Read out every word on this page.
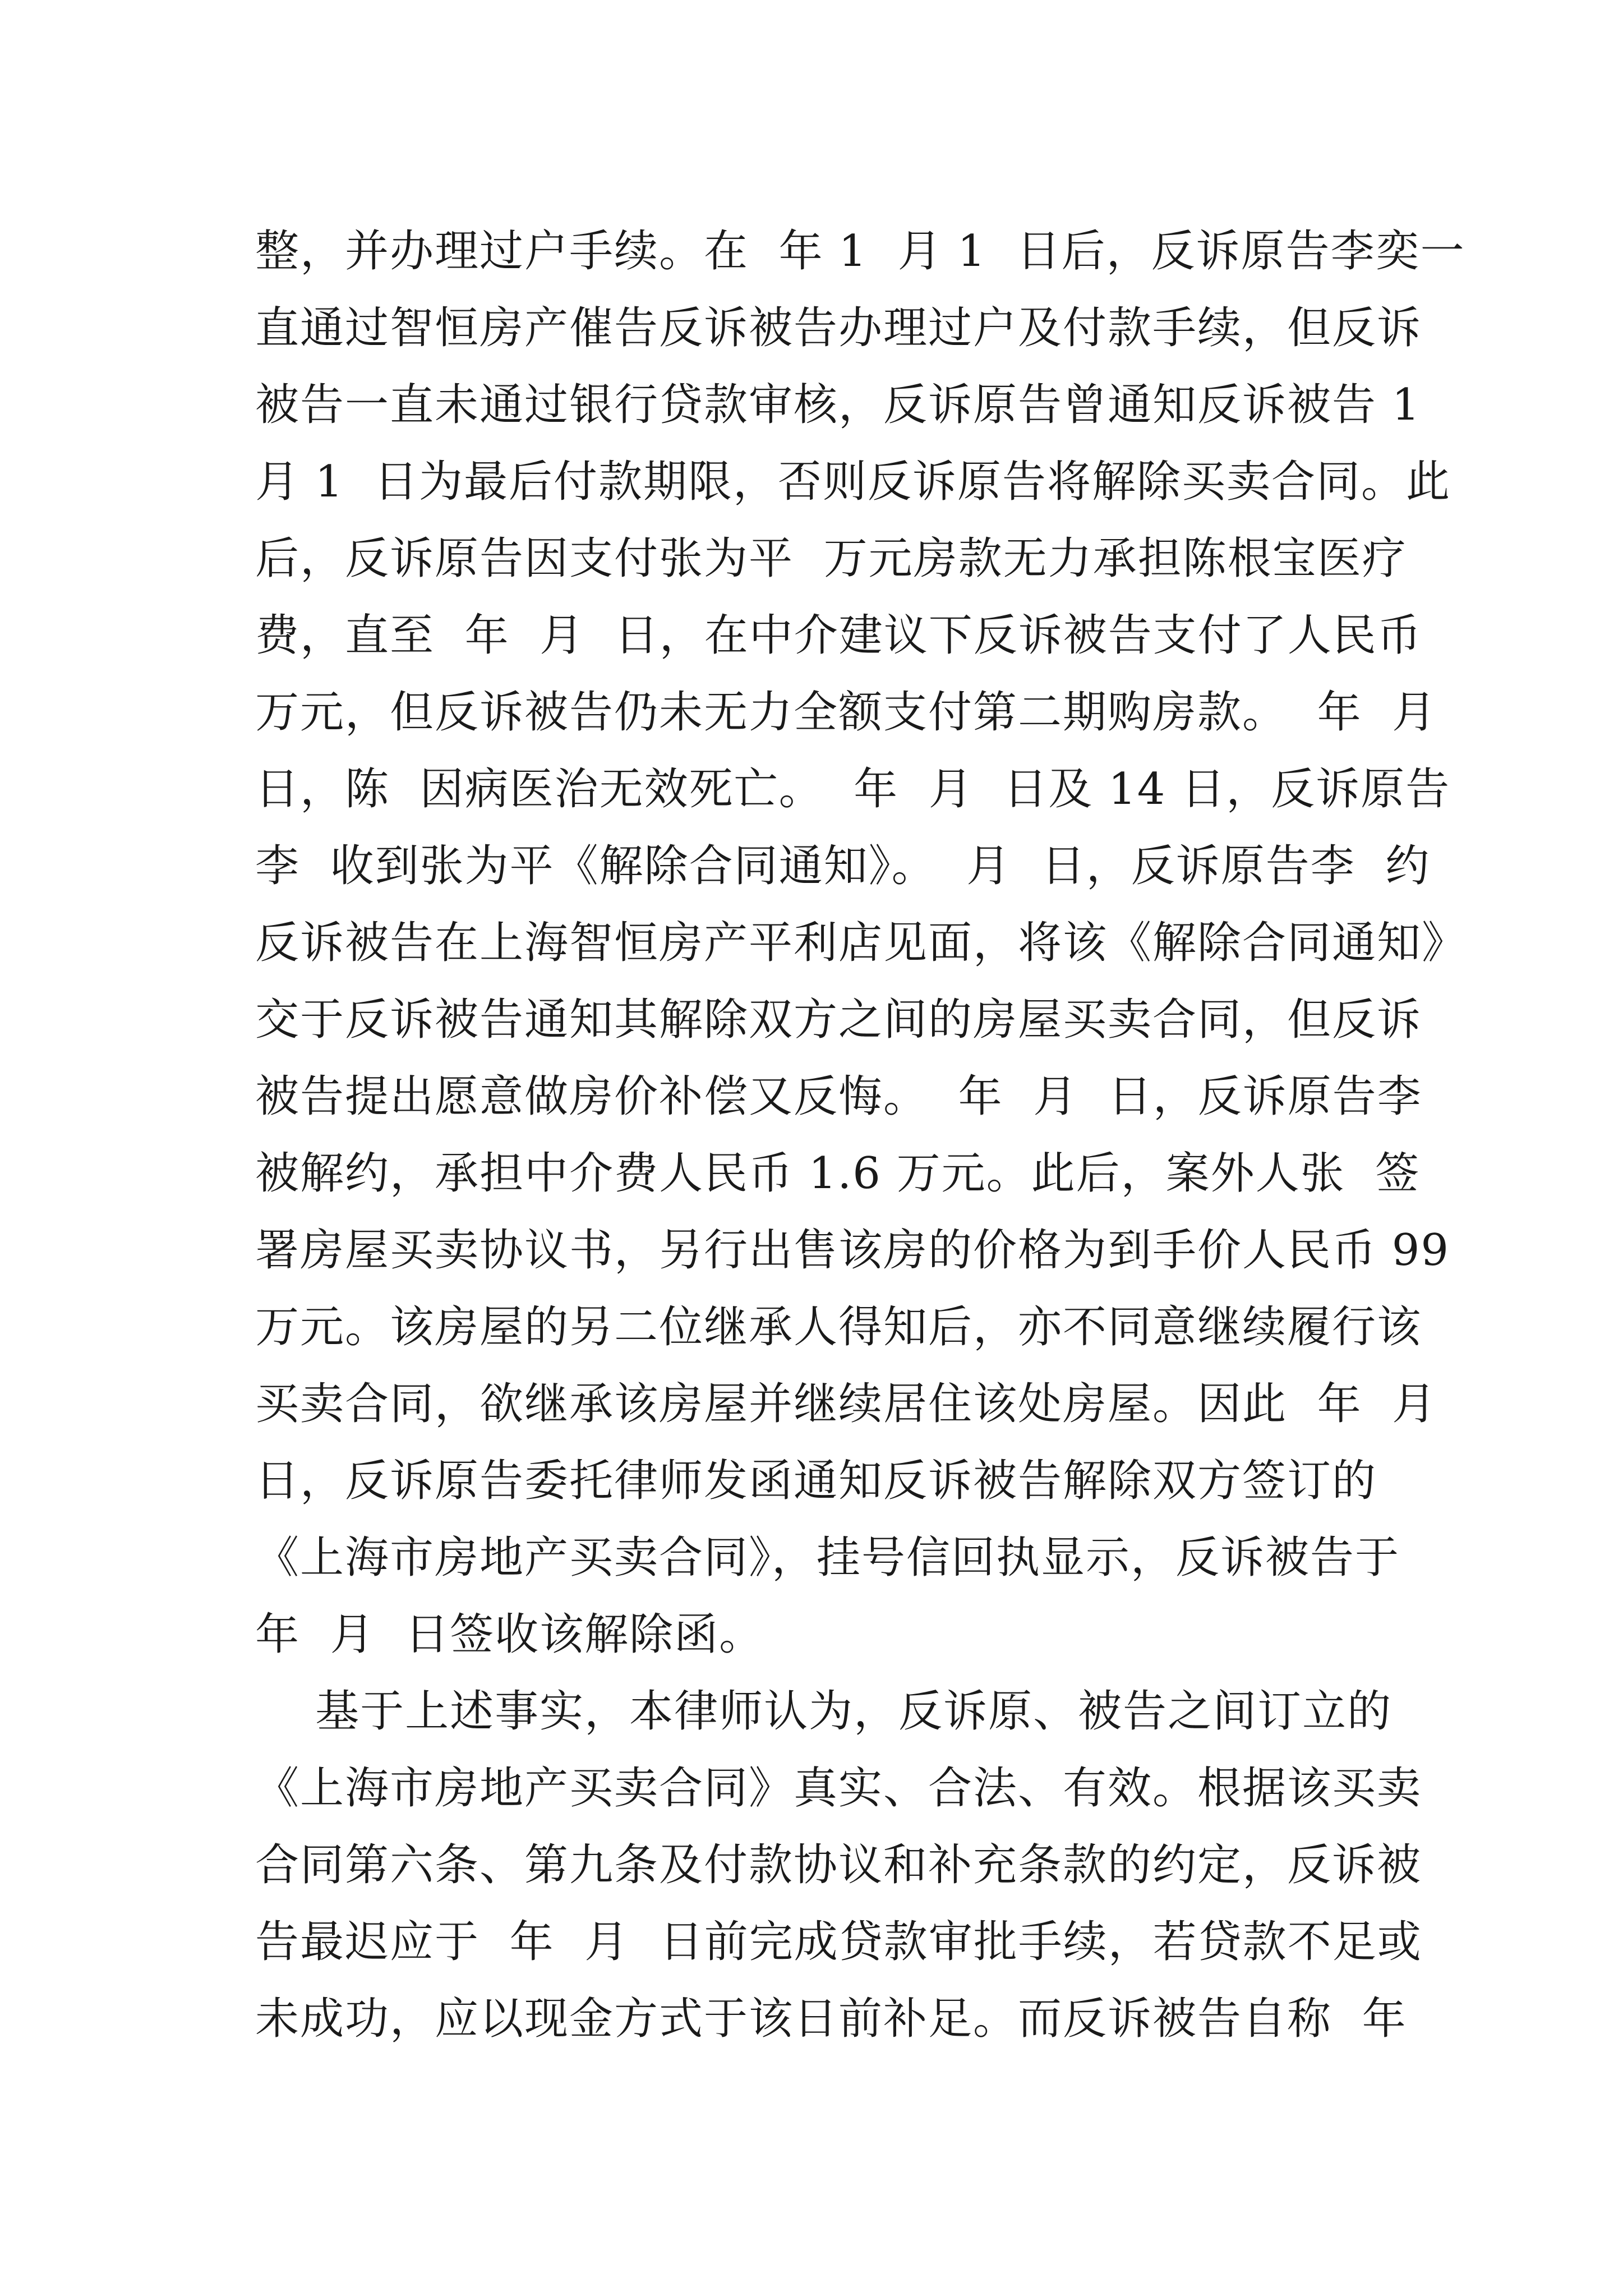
整，并办理过户手续。在  年 1  月 1  日后，反诉原告李奕一
直通过智恒房产催告反诉被告办理过户及付款手续，但反诉
被告一直未通过银行贷款审核，反诉原告曾通知反诉被告 1
月 1  日为最后付款期限，否则反诉原告将解除买卖合同。此
后，反诉原告因支付张为平  万元房款无力承担陈根宝医疗
费，直至  年  月  日，在中介建议下反诉被告支付了人民币
万元，但反诉被告仍未无力全额支付第二期购房款。  年  月
日，陈  因病医治无效死亡。  年  月  日及 14 日，反诉原告
李  收到张为平《解除合同通知》。  月  日，反诉原告李  约
反诉被告在上海智恒房产平利店见面，将该《解除合同通知》
交于反诉被告通知其解除双方之间的房屋买卖合同，但反诉
被告提出愿意做房价补偿又反悔。  年  月  日，反诉原告李
被解约，承担中介费人民币 1.6 万元。此后，案外人张  签
署房屋买卖协议书，另行出售该房的价格为到手价人民币 99
万元。该房屋的另二位继承人得知后，亦不同意继续履行该
买卖合同，欲继承该房屋并继续居住该处房屋。因此  年  月
日，反诉原告委托律师发函通知反诉被告解除双方签订的
《上海市房地产买卖合同》，挂号信回执显示，反诉被告于
年  月  日签收该解除函。
基于上述事实，本律师认为，反诉原、被告之间订立的
《上海市房地产买卖合同》真实、合法、有效。根据该买卖
合同第六条、第九条及付款协议和补充条款的约定，反诉被
告最迟应于  年  月  日前完成贷款审批手续，若贷款不足或
未成功，应以现金方式于该日前补足。而反诉被告自称  年
